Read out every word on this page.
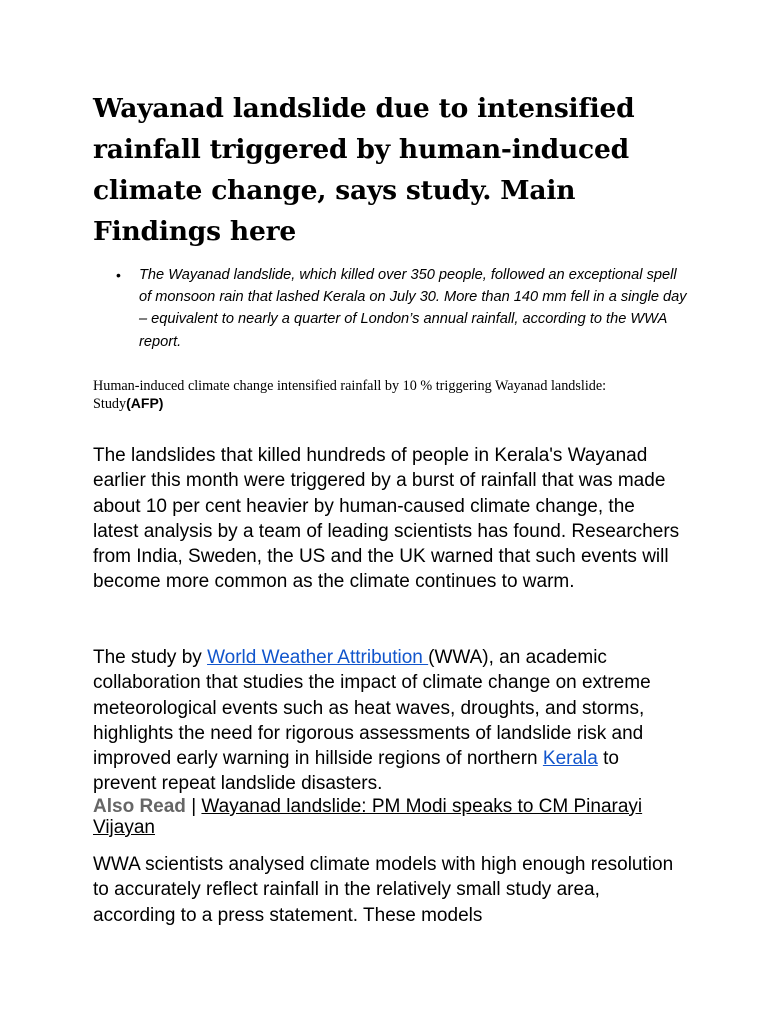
Wayanad landslide due to intensified rainfall triggered by human-induced climate change, says study. Main Findings here
• The Wayanad landslide, which killed over 350 people, followed an exceptional spell of monsoon rain that lashed Kerala on July 30. More than 140 mm fell in a single day – equivalent to nearly a quarter of London’s annual rainfall, according to the WWA report.
Human-induced climate change intensified rainfall by 10 % triggering Wayanad landslide: Study(AFP)

The landslides that killed hundreds of people in Kerala's Wayanad earlier this month were triggered by a burst of rainfall that was made about 10 per cent heavier by human-caused climate change, the latest analysis by a team of leading scientists has found. Researchers from India, Sweden, the US and the UK warned that such events will become more common as the climate continues to warm.

The study by World Weather Attribution (WWA), an academic collaboration that studies the impact of climate change on extreme meteorological events such as heat waves, droughts, and storms, highlights the need for rigorous assessments of landslide risk and improved early warning in hillside regions of northern Kerala to prevent repeat landslide disasters.

Also Read | Wayanad landslide: PM Modi speaks to CM Pinarayi Vijayan

WWA scientists analysed climate models with high enough resolution to accurately reflect rainfall in the relatively small study area, according to a press statement. These models
